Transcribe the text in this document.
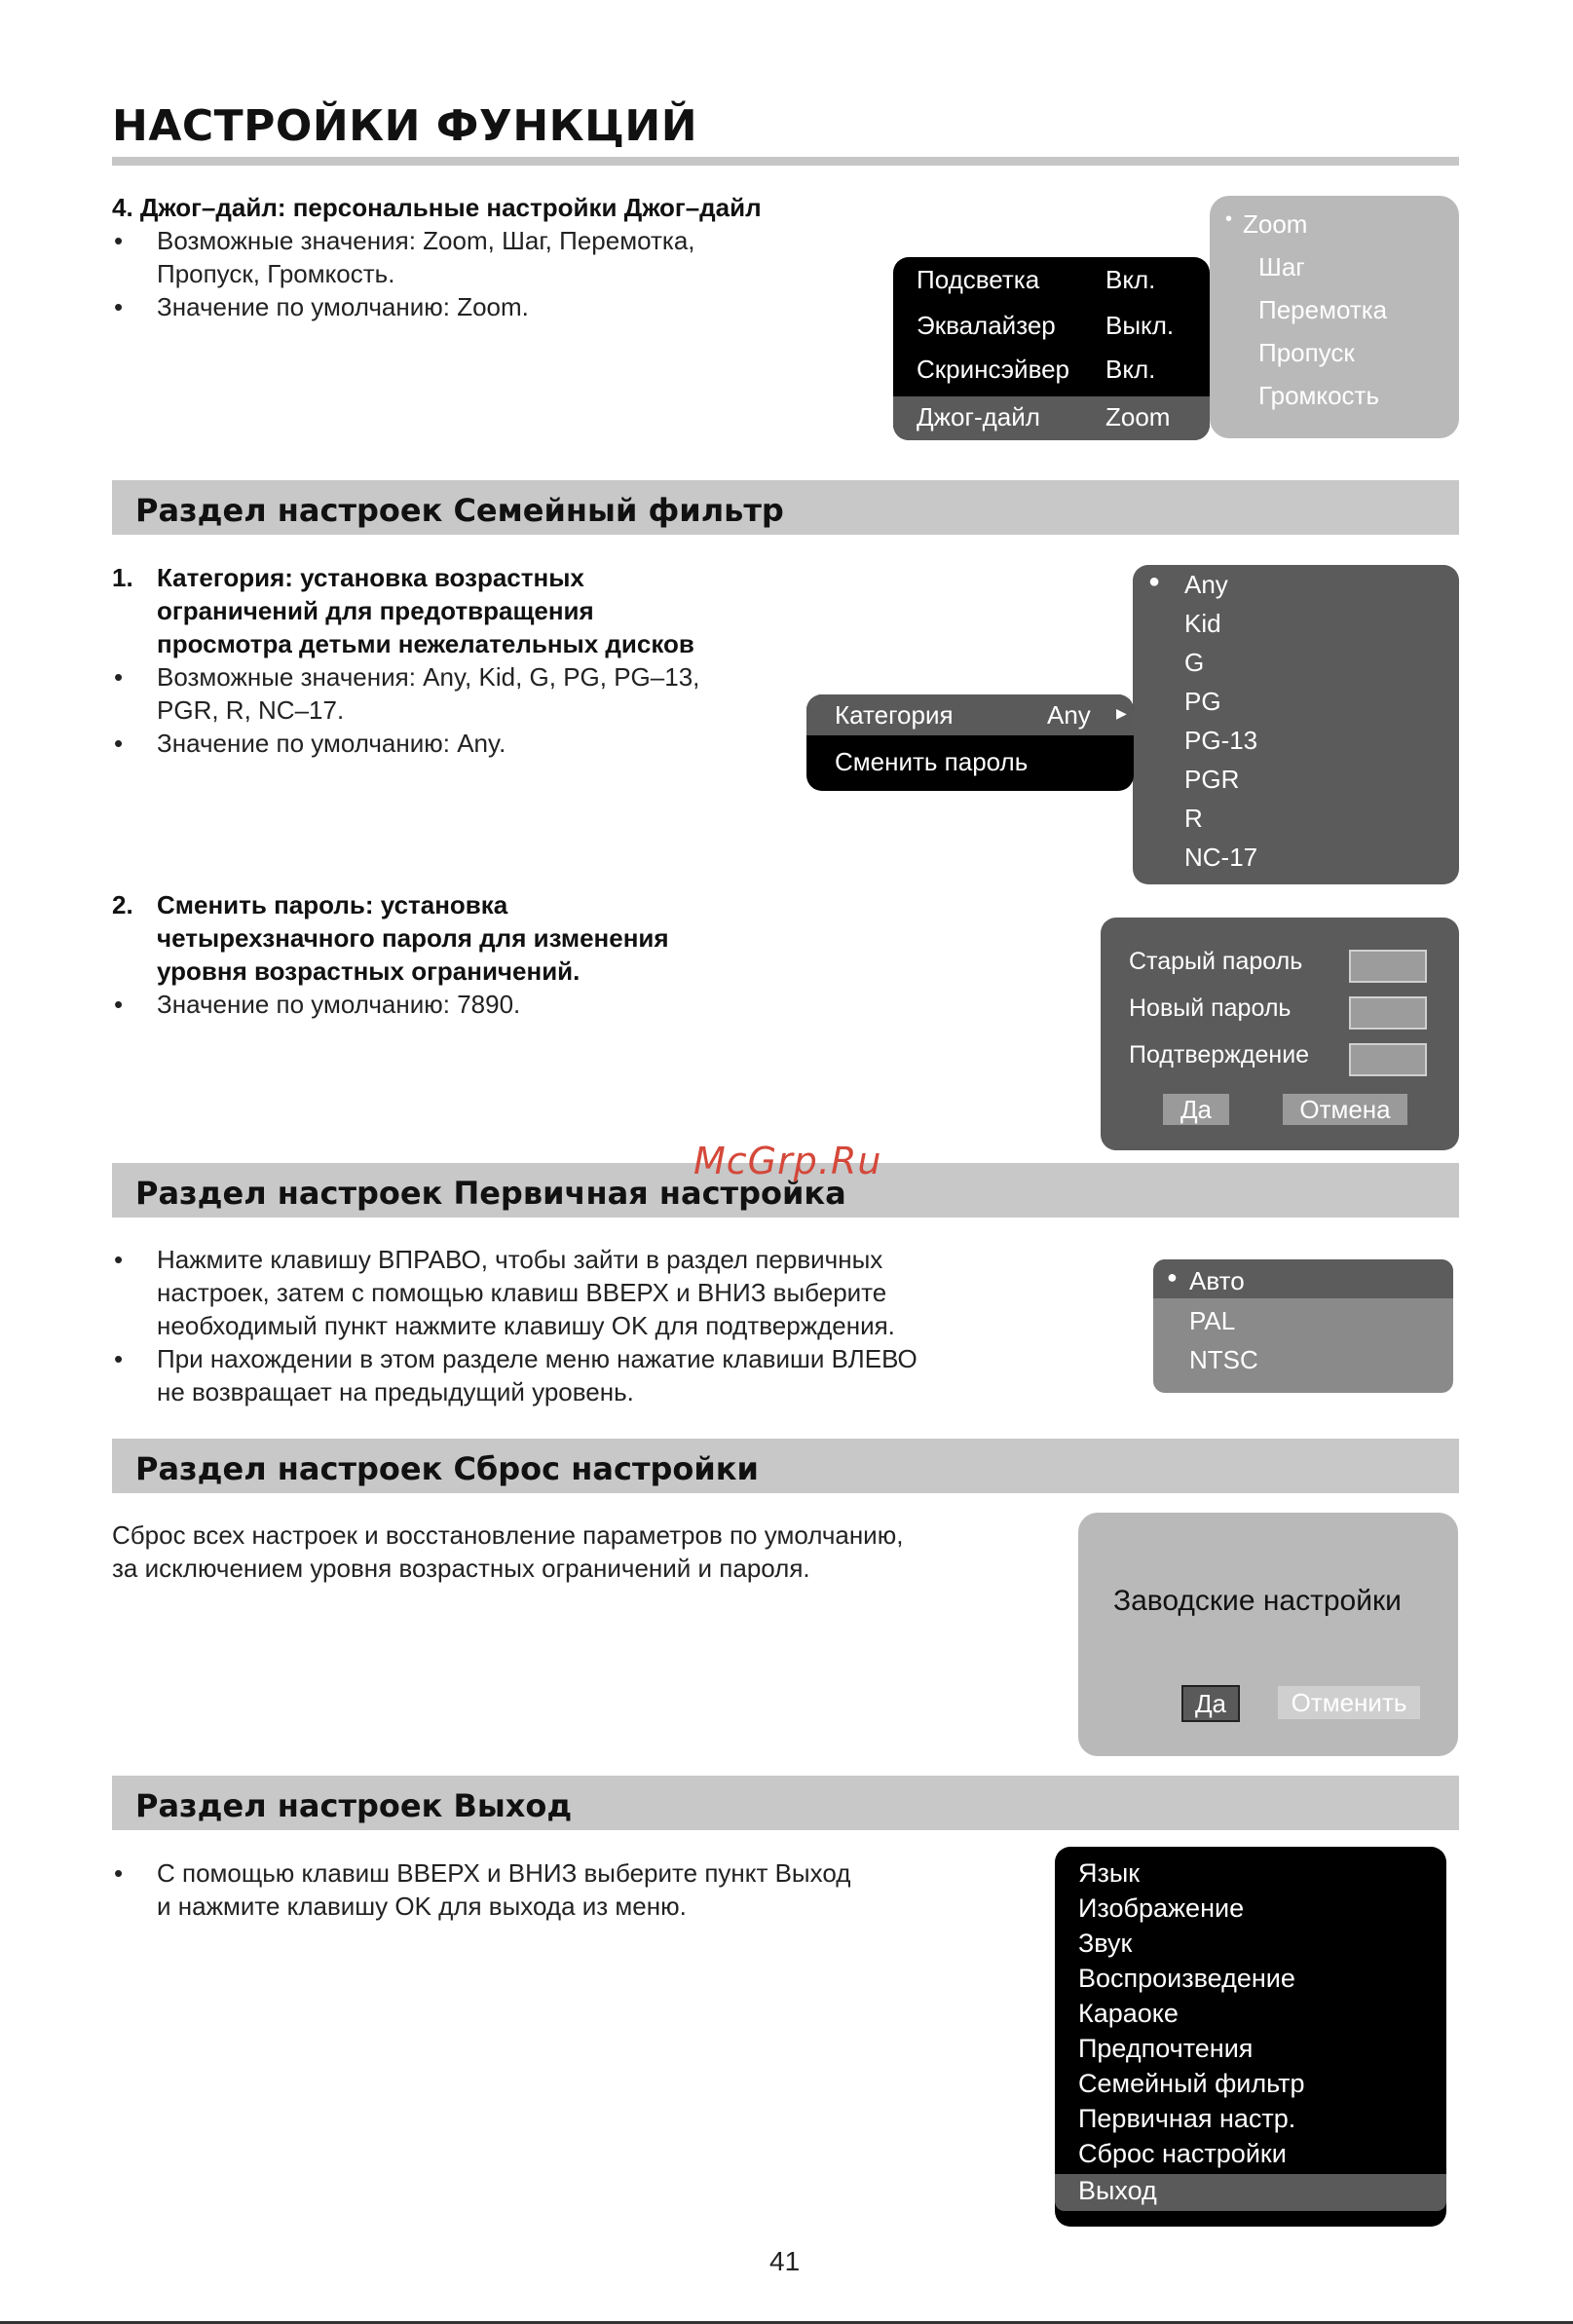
НАСТРОЙКИ ФУНКЦИЙ
4. Джог–дайл: персональные настройки Джог–дайл
• Возможные значения: Zoom, Шаг, Перемотка,
Пропуск, Громкость.
• Значение по умолчанию: Zoom.
• Zoom
Шаг
Перемотка
Пропуск
Громкость
Подсветка	Вкл.
Эквалайзер Выкл.
Скринсэйвер Вкл.
Джог-дайл	Zoom
Раздел настроек Семейный фильтр
1. Категория: установка возрастных
ограничений для предотвращения
просмотра детьми нежелательных дисков
• Возможные значения: Any, Kid, G, PG, PG–13,
PGR, R, NC–17.
• Значение по умолчанию: Any.
● Any
Kid
G
PG
PG-13
PGR
R
NC-17
Категория	Any ▶
Сменить пароль
2. Сменить пароль: установка
четырехзначного пароля для изменения
уровня возрастных ограничений.
• Значение по умолчанию: 7890.
Старый пароль
Новый пароль
Подтверждение
Да	Отмена
Раздел настроек Первичная настройка
McGrp.Ru
• Нажмите клавишу ВПРАВО, чтобы зайти в раздел первичных
настроек, затем с помощью клавиш ВВЕРХ и ВНИЗ выберите
необходимый пункт нажмите клавишу OK для подтверждения.
• При нахождении в этом разделе меню нажатие клавиши ВЛЕВО
не возвращает на предыдущий уровень.
● Авто
PAL
NTSC
Раздел настроек Сброс настройки
Сброс всех настроек и восстановление параметров по умолчанию,
за исключением уровня возрастных ограничений и пароля.
Заводские настройки
Да	Отменить
Раздел настроек Выход
• С помощью клавиш ВВЕРХ и ВНИЗ выберите пункт Выход
и нажмите клавишу OK для выхода из меню.
Язык
Изображение
Звук
Воспроизведение
Караоке
Предпочтения
Семейный фильтр
Первичная настр.
Сброс настройки
Выход
41
